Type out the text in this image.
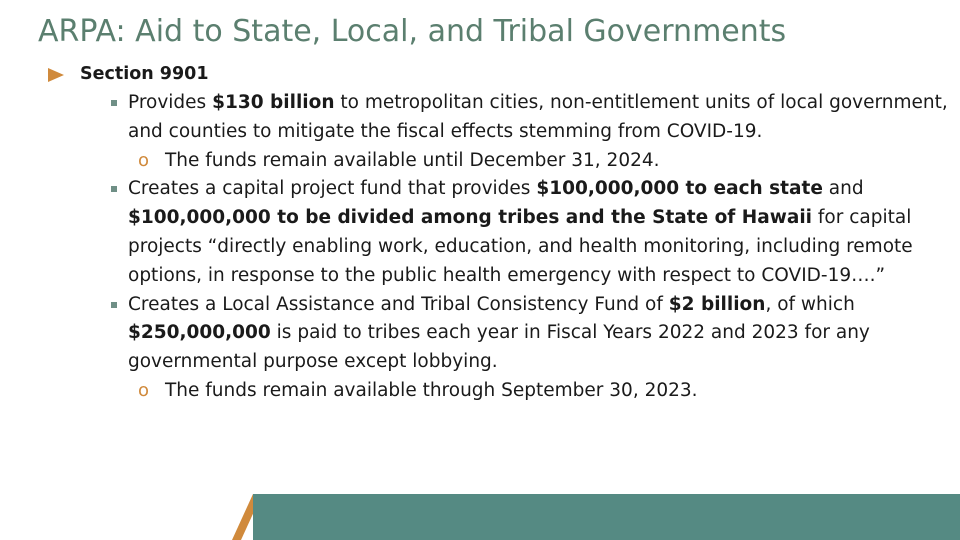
ARPA: Aid to State, Local, and Tribal Governments
Section 9901
Provides $130 billion to metropolitan cities, non-entitlement units of local government, and counties to mitigate the fiscal effects stemming from COVID-19.
o The funds remain available until December 31, 2024.
Creates a capital project fund that provides $100,000,000 to each state and $100,000,000 to be divided among tribes and the State of Hawaii for capital projects “directly enabling work, education, and health monitoring, including remote options, in response to the public health emergency with respect to COVID-19….”
Creates a Local Assistance and Tribal Consistency Fund of $2 billion, of which $250,000,000 is paid to tribes each year in Fiscal Years 2022 and 2023 for any governmental purpose except lobbying.
o The funds remain available through September 30, 2023.
